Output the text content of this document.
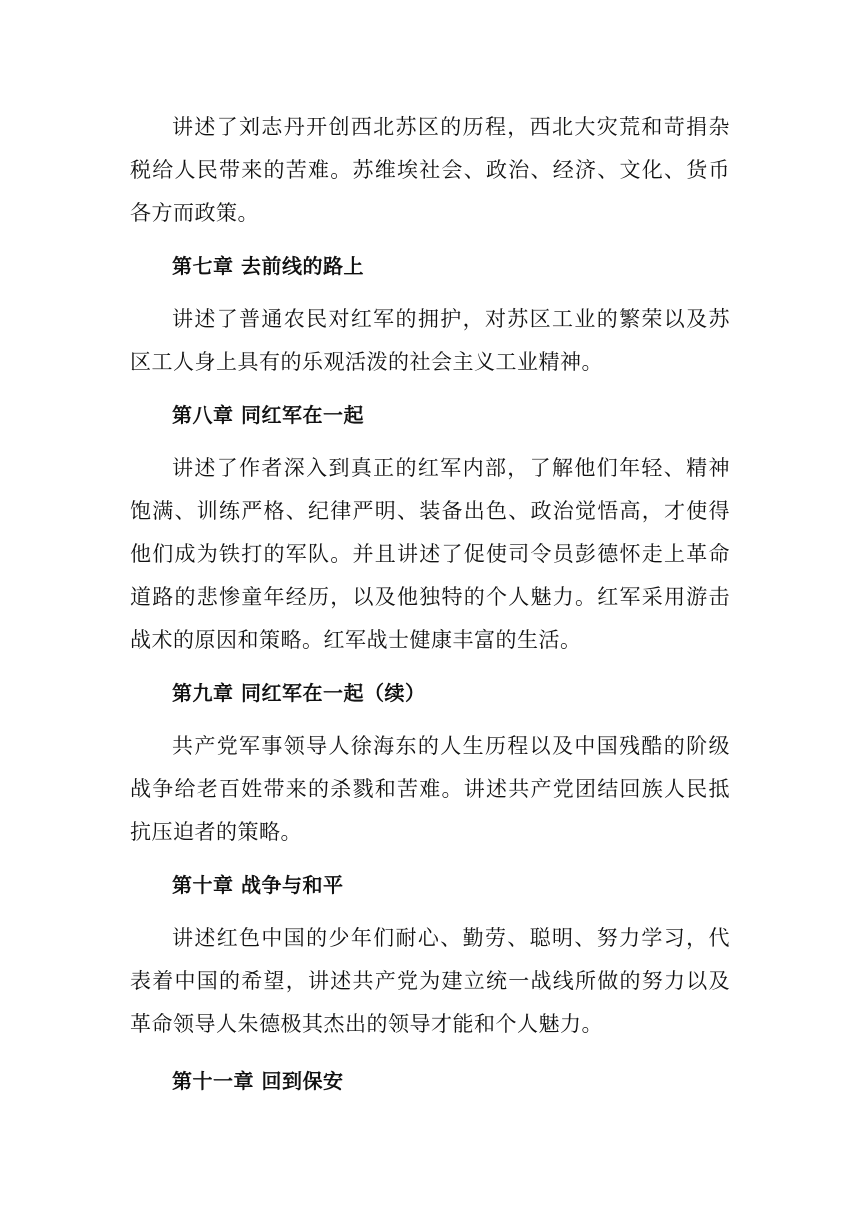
讲述了刘志丹开创西北苏区的历程，西北大灾荒和苛捐杂税给人民带来的苦难。苏维埃社会、政治、经济、文化、货币各方而政策。

第七章 去前线的路上

讲述了普通农民对红军的拥护，对苏区工业的繁荣以及苏区工人身上具有的乐观活泼的社会主义工业精神。

第八章 同红军在一起

讲述了作者深入到真正的红军内部，了解他们年轻、精神饱满、训练严格、纪律严明、装备出色、政治觉悟高，才使得他们成为铁打的军队。并且讲述了促使司令员彭德怀走上革命道路的悲惨童年经历，以及他独特的个人魅力。红军采用游击战术的原因和策略。红军战士健康丰富的生活。

第九章 同红军在一起（续）

共产党军事领导人徐海东的人生历程以及中国残酷的阶级战争给老百姓带来的杀戮和苦难。讲述共产党团结回族人民抵抗压迫者的策略。

第十章 战争与和平

讲述红色中国的少年们耐心、勤劳、聪明、努力学习，代表着中国的希望，讲述共产党为建立统一战线所做的努力以及革命领导人朱德极其杰出的领导才能和个人魅力。

第十一章 回到保安
